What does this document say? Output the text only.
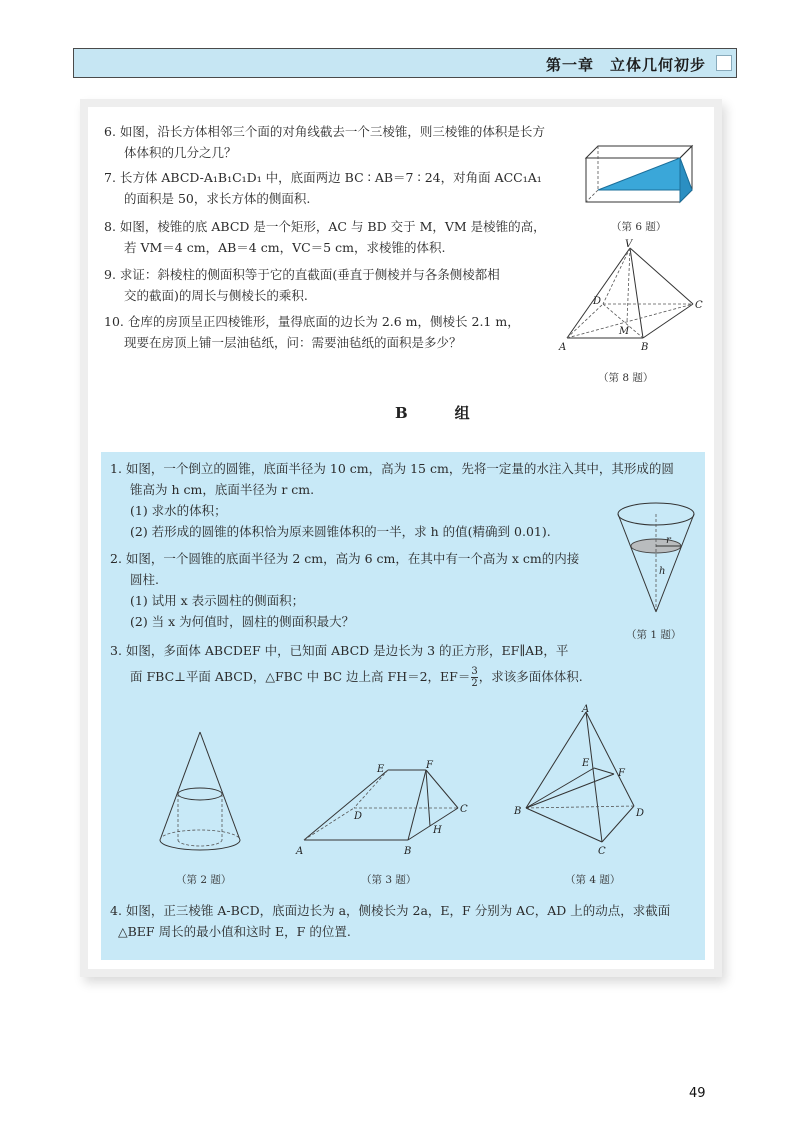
第一章　立体几何初步
6. 如图，沿长方体相邻三个面的对角线截去一个三棱锥，则三棱锥的体积是长方
体体积的几分之几？
7. 长方体 ABCD-A₁B₁C₁D₁ 中，底面两边 BC ∶ AB＝7 ∶ 24，对角面 ACC₁A₁
的面积是 50，求长方体的侧面积.
8. 如图，棱锥的底 ABCD 是一个矩形，AC 与 BD 交于 M，VM 是棱锥的高，
若 VM＝4 cm，AB＝4 cm，VC＝5 cm，求棱锥的体积.
9. 求证：斜棱柱的侧面积等于它的直截面(垂直于侧棱并与各条侧棱都相
交的截面)的周长与侧棱长的乘积.
10. 仓库的房顶呈正四棱锥形，量得底面的边长为 2.6 m，侧棱长 2.1 m，
现要在房顶上铺一层油毡纸，问：需要油毡纸的面积是多少？
（第 6 题）
V
A	B
C
D
M
（第 8 题）
B　组
1. 如图，一个倒立的圆锥，底面半径为 10 cm，高为 15 cm，先将一定量的水注入其中，其形成的圆
锥高为 h cm，底面半径为 r cm.
(1) 求水的体积；
(2) 若形成的圆锥的体积恰为原来圆锥体积的一半，求 h 的值(精确到 0.01).
2. 如图，一个圆锥的底面半径为 2 cm，高为 6 cm，在其中有一个高为 x cm的内接
圆柱.
(1) 试用 x 表示圆柱的侧面积；
(2) 当 x 为何值时，圆柱的侧面积最大？
3. 如图，多面体 ABCDEF 中，已知面 ABCD 是边长为 3 的正方形，EF∥AB，平
面 FBC⊥平面 ABCD，△FBC 中 BC 边上高 FH＝2，$EF= \frac{3}{2}$ ，求该多面体体积.
r
h
（第 1 题）
（第 2 题）
A	B
C
D
E	F
H
（第 3 题）
A
B
C
D
E
F
（第 4 题）
4. 如图，正三棱锥 A-BCD，底面边长为 a，侧棱长为 2a，E，F 分别为 AC，AD 上的动点，求截面
△BEF 周长的最小值和这时 E，F 的位置.
49
